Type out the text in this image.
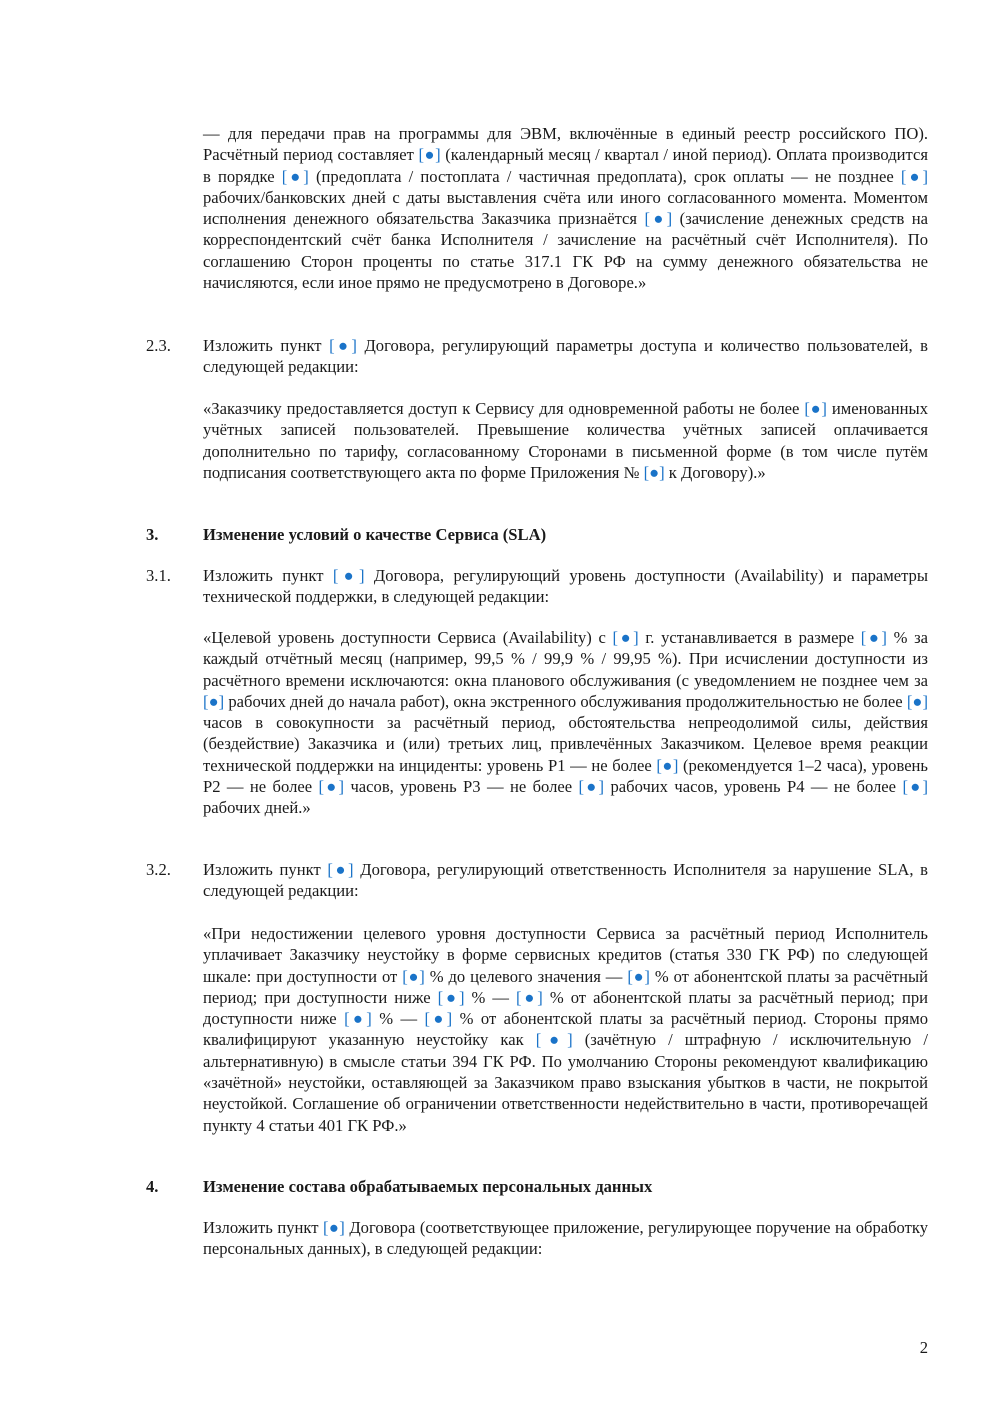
— для передачи прав на программы для ЭВМ, включённые в единый реестр российского ПО). Расчётный период составляет [●] (календарный месяц / квартал / иной период). Оплата производится в порядке [●] (предоплата / постоплата / частичная предоплата), срок оплаты — не позднее [●] рабочих/банковских дней с даты выставления счёта или иного согласованного момента. Моментом исполнения денежного обязательства Заказчика признаётся [●] (зачисление денежных средств на корреспондентский счёт банка Исполнителя / зачисление на расчётный счёт Исполнителя). По соглашению Сторон проценты по статье 317.1 ГК РФ на сумму денежного обязательства не начисляются, если иное прямо не предусмотрено в Договоре.»

2.3. Изложить пункт [●] Договора, регулирующий параметры доступа и количество пользователей, в следующей редакции:

«Заказчику предоставляется доступ к Сервису для одновременной работы не более [●] именованных учётных записей пользователей. Превышение количества учётных записей оплачивается дополнительно по тарифу, согласованному Сторонами в письменной форме (в том числе путём подписания соответствующего акта по форме Приложения № [●] к Договору).»

3.	Изменение условий о качестве Сервиса (SLA)

3.1. Изложить пункт [●] Договора, регулирующий уровень доступности (Availability) и параметры технической поддержки, в следующей редакции:

«Целевой уровень доступности Сервиса (Availability) с [●] г. устанавливается в размере [●] % за каждый отчётный месяц (например, 99,5 % / 99,9 % / 99,95 %). При исчислении доступности из расчётного времени исключаются: окна планового обслуживания (с уведомлением не позднее чем за [●] рабочих дней до начала работ), окна экстренного обслуживания продолжительностью не более [●] часов в совокупности за расчётный период, обстоятельства непреодолимой силы, действия (бездействие) Заказчика и (или) третьих лиц, привлечённых Заказчиком. Целевое время реакции технической поддержки на инциденты: уровень P1 — не более [●] (рекомендуется 1–2 часа), уровень P2 — не более [●] часов, уровень P3 — не более [●] рабочих часов, уровень P4 — не более [●] рабочих дней.»

3.2. Изложить пункт [●] Договора, регулирующий ответственность Исполнителя за нарушение SLA, в следующей редакции:

«При недостижении целевого уровня доступности Сервиса за расчётный период Исполнитель уплачивает Заказчику неустойку в форме сервисных кредитов (статья 330 ГК РФ) по следующей шкале: при доступности от [●] % до целевого значения — [●] % от абонентской платы за расчётный период; при доступности ниже [●] % — [●] % от абонентской платы за расчётный период; при доступности ниже [●] % — [●] % от абонентской платы за расчётный период. Стороны прямо квалифицируют указанную неустойку как [●] (зачётную / штрафную / исключительную / альтернативную) в смысле статьи 394 ГК РФ. По умолчанию Стороны рекомендуют квалификацию «зачётной» неустойки, оставляющей за Заказчиком право взыскания убытков в части, не покрытой неустойкой. Соглашение об ограничении ответственности недействительно в части, противоречащей пункту 4 статьи 401 ГК РФ.»

4.	Изменение состава обрабатываемых персональных данных

Изложить пункт [●] Договора (соответствующее приложение, регулирующее поручение на обработку персональных данных), в следующей редакции:

2
